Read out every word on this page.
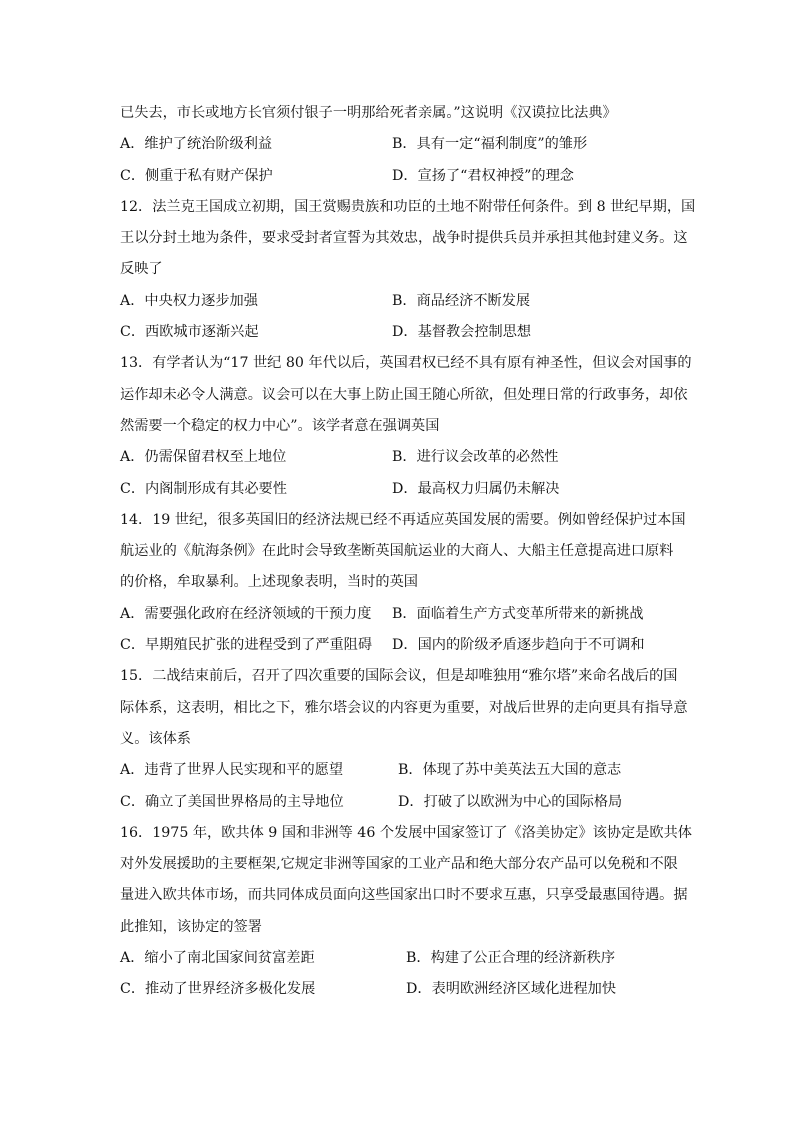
已失去，市长或地方长官须付银子一明那给死者亲属。”这说明《汉谟拉比法典》
A．维护了统治阶级利益	B．具有一定“福利制度”的雏形
C．侧重于私有财产保护	D．宣扬了“君权神授”的理念
12．法兰克王国成立初期，国王赏赐贵族和功臣的土地不附带任何条件。到 8 世纪早期，国
王以分封土地为条件，要求受封者宣誓为其效忠，战争时提供兵员并承担其他封建义务。这
反映了
A．中央权力逐步加强	B．商品经济不断发展
C．西欧城市逐渐兴起	D．基督教会控制思想
13．有学者认为“17 世纪 80 年代以后，英国君权已经不具有原有神圣性，但议会对国事的
运作却未必令人满意。议会可以在大事上防止国王随心所欲，但处理日常的行政事务，却依
然需要一个稳定的权力中心”。该学者意在强调英国
A．仍需保留君权至上地位	B．进行议会改革的必然性
C．内阁制形成有其必要性	D．最高权力归属仍未解决
14．19 世纪，很多英国旧的经济法规已经不再适应英国发展的需要。例如曾经保护过本国
航运业的《航海条例》在此时会导致垄断英国航运业的大商人、大船主任意提高进口原料
的价格，牟取暴利。上述现象表明，当时的英国
A．需要强化政府在经济领域的干预力度	B．面临着生产方式变革所带来的新挑战
C．早期殖民扩张的进程受到了严重阻碍	D．国内的阶级矛盾逐步趋向于不可调和
15．二战结束前后，召开了四次重要的国际会议，但是却唯独用“雅尔塔”来命名战后的国
际体系，这表明，相比之下，雅尔塔会议的内容更为重要，对战后世界的走向更具有指导意
义。该体系
A．违背了世界人民实现和平的愿望	B．体现了苏中美英法五大国的意志
C．确立了美国世界格局的主导地位	D．打破了以欧洲为中心的国际格局
16．1975 年，欧共体 9 国和非洲等 46 个发展中国家签订了《洛美协定》该协定是欧共体
对外发展援助的主要框架,它规定非洲等国家的工业产品和绝大部分农产品可以免税和不限
量进入欧共体市场，而共同体成员面向这些国家出口时不要求互惠，只享受最惠国待遇。据
此推知，该协定的签署
A．缩小了南北国家间贫富差距	B．构建了公正合理的经济新秩序
C．推动了世界经济多极化发展	D．表明欧洲经济区域化进程加快
